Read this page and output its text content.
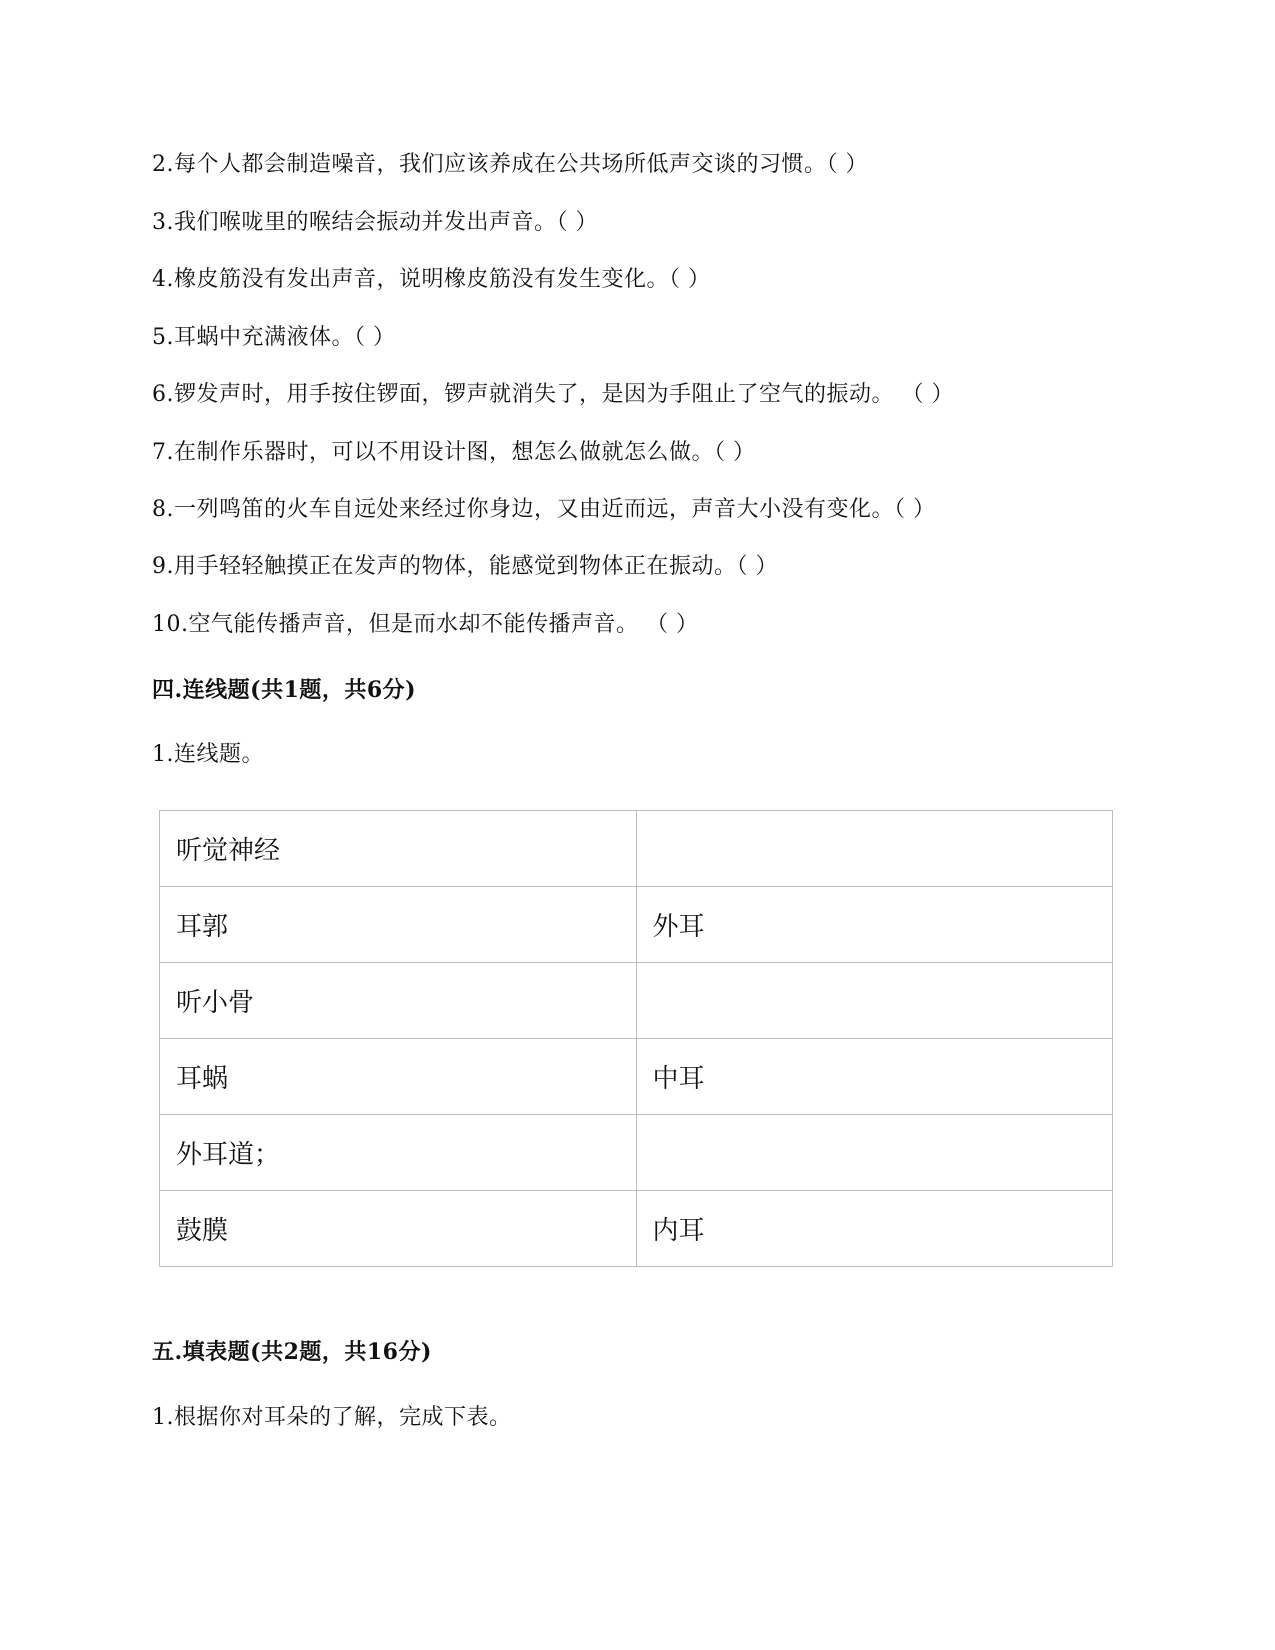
2.每个人都会制造噪音，我们应该养成在公共场所低声交谈的习惯。（ ）
3.我们喉咙里的喉结会振动并发出声音。（ ）
4.橡皮筋没有发出声音，说明橡皮筋没有发生变化。（ ）
5.耳蜗中充满液体。（ ）
6.锣发声时，用手按住锣面，锣声就消失了，是因为手阻止了空气的振动。 （ ）
7.在制作乐器时，可以不用设计图，想怎么做就怎么做。（ ）
8.一列鸣笛的火车自远处来经过你身边，又由近而远，声音大小没有变化。（ ）
9.用手轻轻触摸正在发声的物体，能感觉到物体正在振动。（ ）
10.空气能传播声音，但是而水却不能传播声音。 （ ）
四.连线题(共1题，共6分)
1.连线题。
听觉神经	
耳郭	外耳
听小骨	
耳蜗	中耳
外耳道；	
鼓膜	内耳
五.填表题(共2题，共16分)
1.根据你对耳朵的了解，完成下表。
